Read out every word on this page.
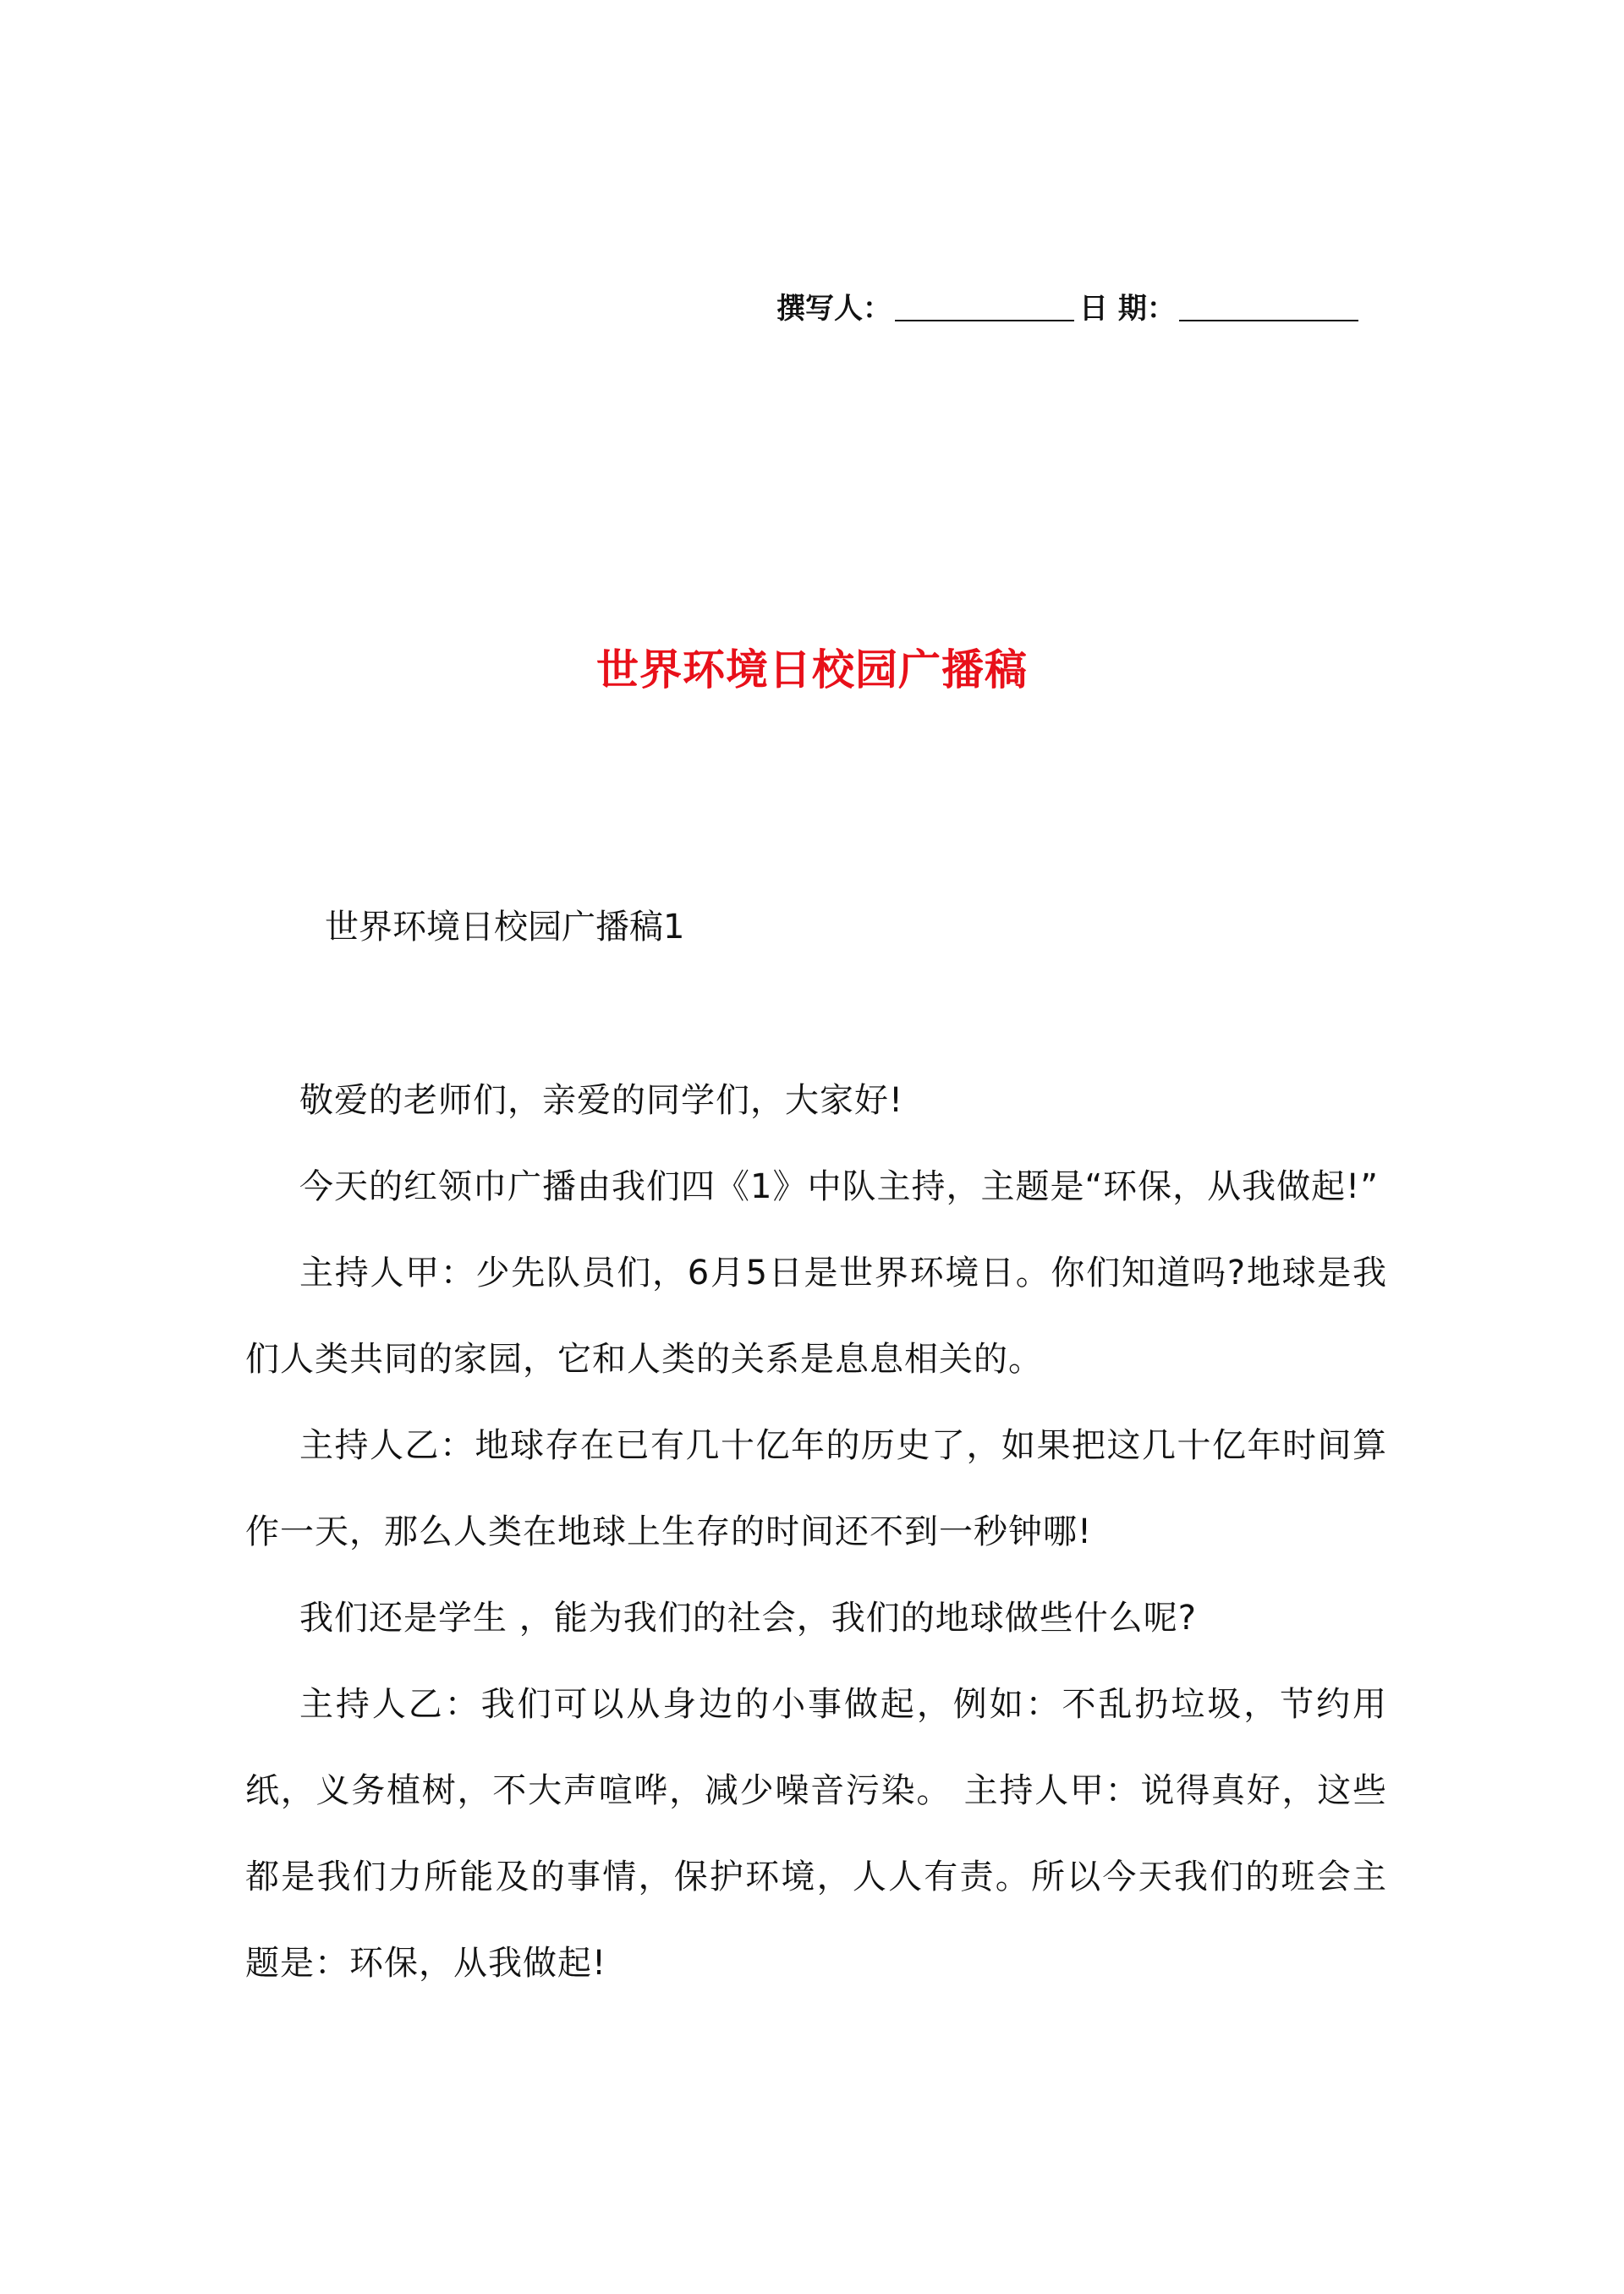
撰写人：	日 期：
世界环境日校园广播稿
世界环境日校园广播稿1

敬爱的老师们，亲爱的同学们，大家好!

今天的红领巾广播由我们四《1》中队主持，主题是“环保，从我做起!”

主持人甲：少先队员们，6月5日是世界环境日。你们知道吗?地球是我们人类共同的家园，它和人类的关系是息息相关的。

主持人乙：地球存在已有几十亿年的历史了，如果把这几十亿年时间算作一天，那么人类在地球上生存的时间还不到一秒钟哪!

我们还是学生 ，能为我们的社会，我们的地球做些什么呢?

主持人乙：我们可以从身边的小事做起，例如：不乱扔垃圾，节约用纸，义务植树，不大声喧哗，减少噪音污染。 主持人甲：说得真好，这些都是我们力所能及的事情，保护环境，人人有责。所以今天我们的班会主题是：环保，从我做起!
